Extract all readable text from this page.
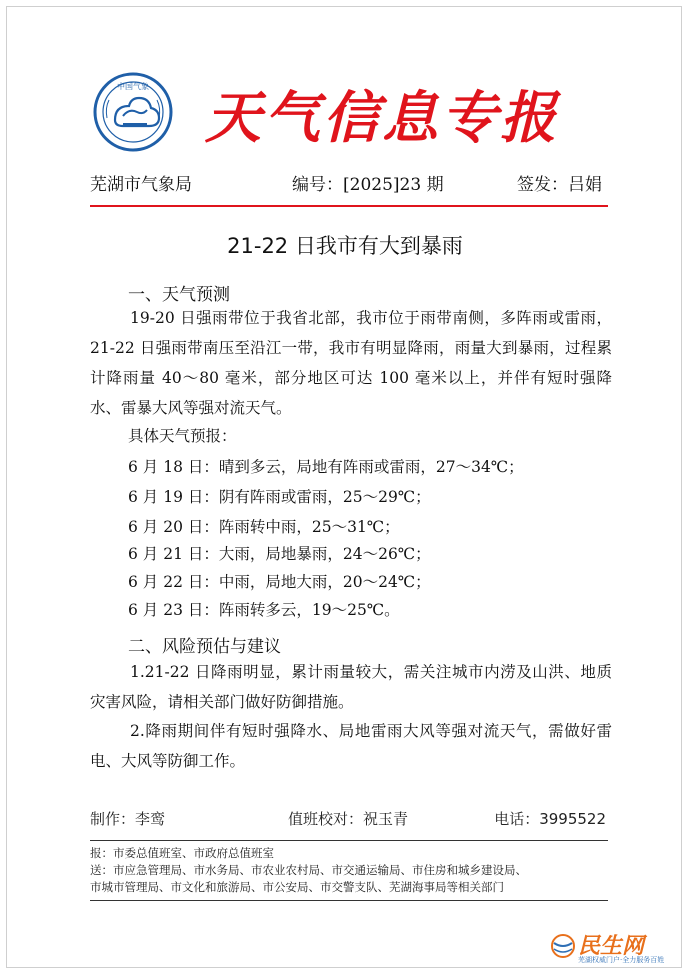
中国气象 天气信息专报
芜湖市气象局	编号：[2025]23 期	签发：吕娟
21-22 日我市有大到暴雨
一、天气预测
19-20 日强雨带位于我省北部，我市位于雨带南侧，多阵雨或雷雨，21-22 日强雨带南压至沿江一带，我市有明显降雨，雨量大到暴雨，过程累计降雨量 40～80 毫米，部分地区可达 100 毫米以上，并伴有短时强降水、雷暴大风等强对流天气。
具体天气预报：
6 月 18 日：晴到多云，局地有阵雨或雷雨，27～34℃；
6 月 19 日：阴有阵雨或雷雨，25～29℃；
6 月 20 日：阵雨转中雨，25～31℃；
6 月 21 日：大雨，局地暴雨，24～26℃；
6 月 22 日：中雨，局地大雨，20～24℃；
6 月 23 日：阵雨转多云，19～25℃。
二、风险预估与建议
1.21-22 日降雨明显，累计雨量较大，需关注城市内涝及山洪、地质灾害风险，请相关部门做好防御措施。
2.降雨期间伴有短时强降水、局地雷雨大风等强对流天气，需做好雷电、大风等防御工作。
制作：李鸾	值班校对：祝玉青	电话：3995522
报：市委总值班室、市政府总值班室
送：市应急管理局、市水务局、市农业农村局、市交通运输局、市住房和城乡建设局、
市城市管理局、市文化和旅游局、市公安局、市交警支队、芜湖海事局等相关部门
民生网
芜湖权威门户·全力服务百姓
